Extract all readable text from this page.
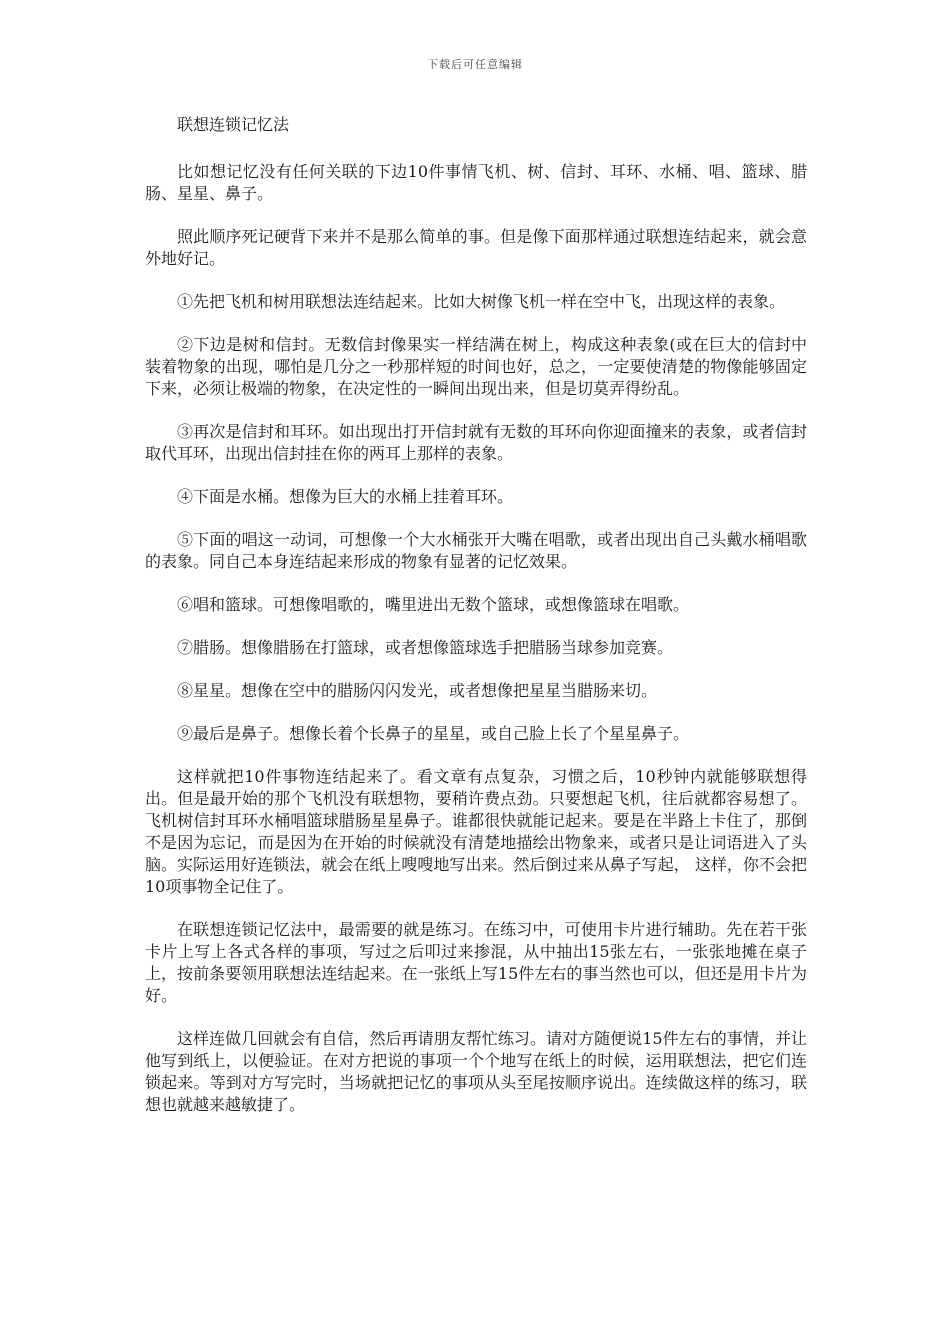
下载后可任意编辑

联想连锁记忆法

比如想记忆没有任何关联的下边10件事情飞机、树、信封、耳环、水桶、唱、篮球、腊肠、星星、鼻子。

照此顺序死记硬背下来并不是那么简单的事。但是像下面那样通过联想连结起来，就会意外地好记。

①先把飞机和树用联想法连结起来。比如大树像飞机一样在空中飞，出现这样的表象。

②下边是树和信封。无数信封像果实一样结满在树上，构成这种表象(或在巨大的信封中装着物象的出现，哪怕是几分之一秒那样短的时间也好，总之，一定要使清楚的物像能够固定下来，必须让极端的物象，在决定性的一瞬间出现出来，但是切莫弄得纷乱。

③再次是信封和耳环。如出现出打开信封就有无数的耳环向你迎面撞来的表象，或者信封取代耳环，出现出信封挂在你的两耳上那样的表象。

④下面是水桶。想像为巨大的水桶上挂着耳环。

⑤下面的唱这一动词，可想像一个大水桶张开大嘴在唱歌，或者出现出自己头戴水桶唱歌的表象。同自己本身连结起来形成的物象有显著的记忆效果。

⑥唱和篮球。可想像唱歌的，嘴里进出无数个篮球，或想像篮球在唱歌。

⑦腊肠。想像腊肠在打篮球，或者想像篮球选手把腊肠当球参加竞赛。

⑧星星。想像在空中的腊肠闪闪发光，或者想像把星星当腊肠来切。

⑨最后是鼻子。想像长着个长鼻子的星星，或自己脸上长了个星星鼻子。

这样就把10件事物连结起来了。看文章有点复杂，习惯之后，10秒钟内就能够联想得出。但是最开始的那个飞机没有联想物，要稍许费点劲。只要想起飞机，往后就都容易想了。飞机树信封耳环水桶唱篮球腊肠星星鼻子。谁都很快就能记起来。要是在半路上卡住了，那倒不是因为忘记，而是因为在开始的时候就没有清楚地描绘出物象来，或者只是让词语进入了头脑。实际运用好连锁法，就会在纸上嗖嗖地写出来。然后倒过来从鼻子写起， 这样，你不会把10项事物全记住了。

在联想连锁记忆法中，最需要的就是练习。在练习中，可使用卡片进行辅助。先在若干张卡片上写上各式各样的事项，写过之后叩过来掺混，从中抽出15张左右，一张张地摊在桌子上，按前条要领用联想法连结起来。在一张纸上写15件左右的事当然也可以，但还是用卡片为好。

这样连做几回就会有自信，然后再请朋友帮忙练习。请对方随便说15件左右的事情，并让他写到纸上，以便验证。在对方把说的事项一个个地写在纸上的时候，运用联想法，把它们连锁起来。等到对方写完时，当场就把记忆的事项从头至尾按顺序说出。连续做这样的练习，联想也就越来越敏捷了。
